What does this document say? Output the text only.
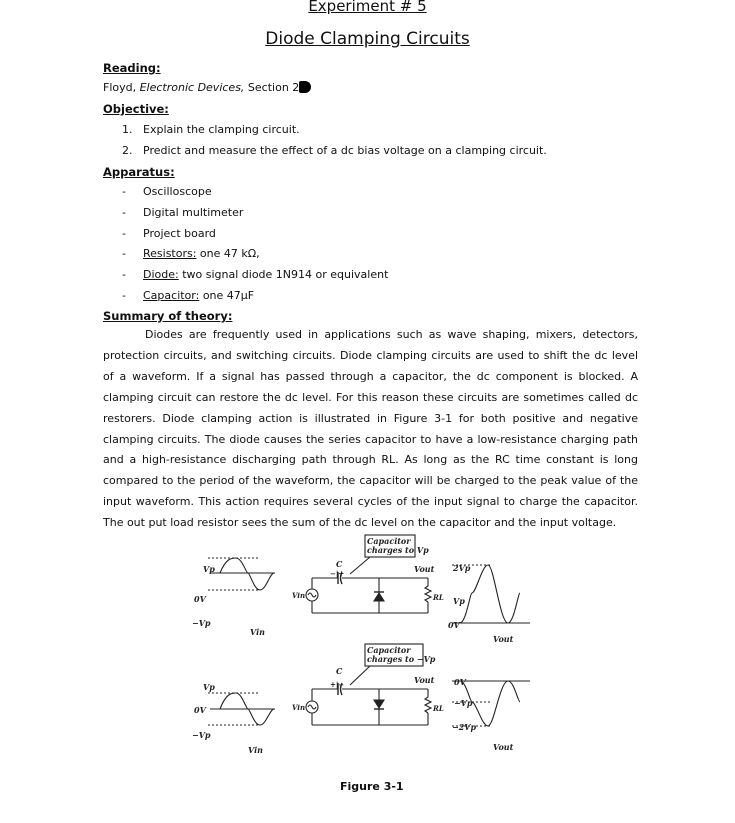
Experiment # 5
Diode Clamping Circuits
Reading:
Floyd, Electronic Devices, Section 2
Objective:
1. Explain the clamping circuit.
2. Predict and measure the effect of a dc bias voltage on a clamping circuit.
Apparatus:
- Oscilloscope
- Digital multimeter
- Project board
- Resistors: one 47 kΩ,
- Diode: two signal diode 1N914 or equivalent
- Capacitor: one 47µF
Summary of theory:

Diodes are frequently used in applications such as wave shaping, mixers, detectors, protection circuits, and switching circuits. Diode clamping circuits are used to shift the dc level of a waveform. If a signal has passed through a capacitor, the dc component is blocked. A clamping circuit can restore the dc level. For this reason these circuits are sometimes called dc restorers. Diode clamping action is illustrated in Figure 3-1 for both positive and negative clamping circuits. The diode causes the series capacitor to have a low-resistance charging path and a high-resistance discharging path through RL. As long as the RC time constant is long compared to the period of the waveform, the capacitor will be charged to the peak value of the input waveform. This action requires several cycles of the input signal to charge the capacitor. The out put load resistor sees the sum of the dc level on the capacitor and the input voltage.

Capacitor
charges to Vp
C
−|+
Vp
0V
−Vp
Vin
Vin
Vout
RL
2Vp
Vp
0V
Vout
Capacitor
charges to −Vp
C
+|−
Vp
0V
−Vp
Vin
Vin
Vout
RL
0V
−Vp
−2Vp
Vout
Figure 3-1
